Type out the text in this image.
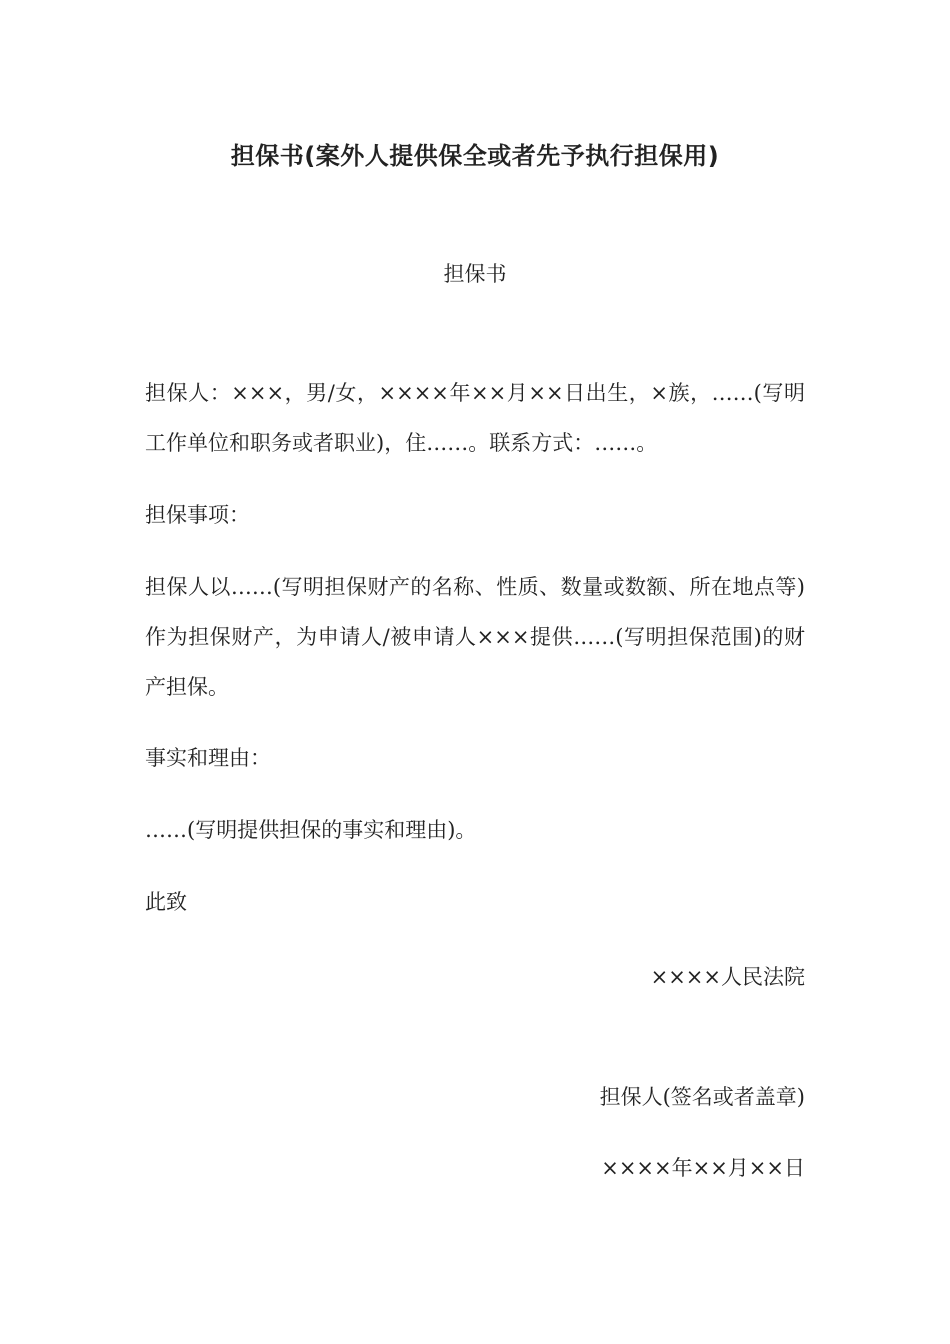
担保书(案外人提供保全或者先予执行担保用)
担保书
担保人：×××，男/女，××××年××月××日出生，×族，……(写明工作单位和职务或者职业)，住……。联系方式：……。
担保事项：
担保人以……(写明担保财产的名称、性质、数量或数额、所在地点等)作为担保财产，为申请人/被申请人×××提供……(写明担保范围)的财产担保。
事实和理由：
……(写明提供担保的事实和理由)。
此致
××××人民法院
担保人(签名或者盖章)
××××年××月××日
